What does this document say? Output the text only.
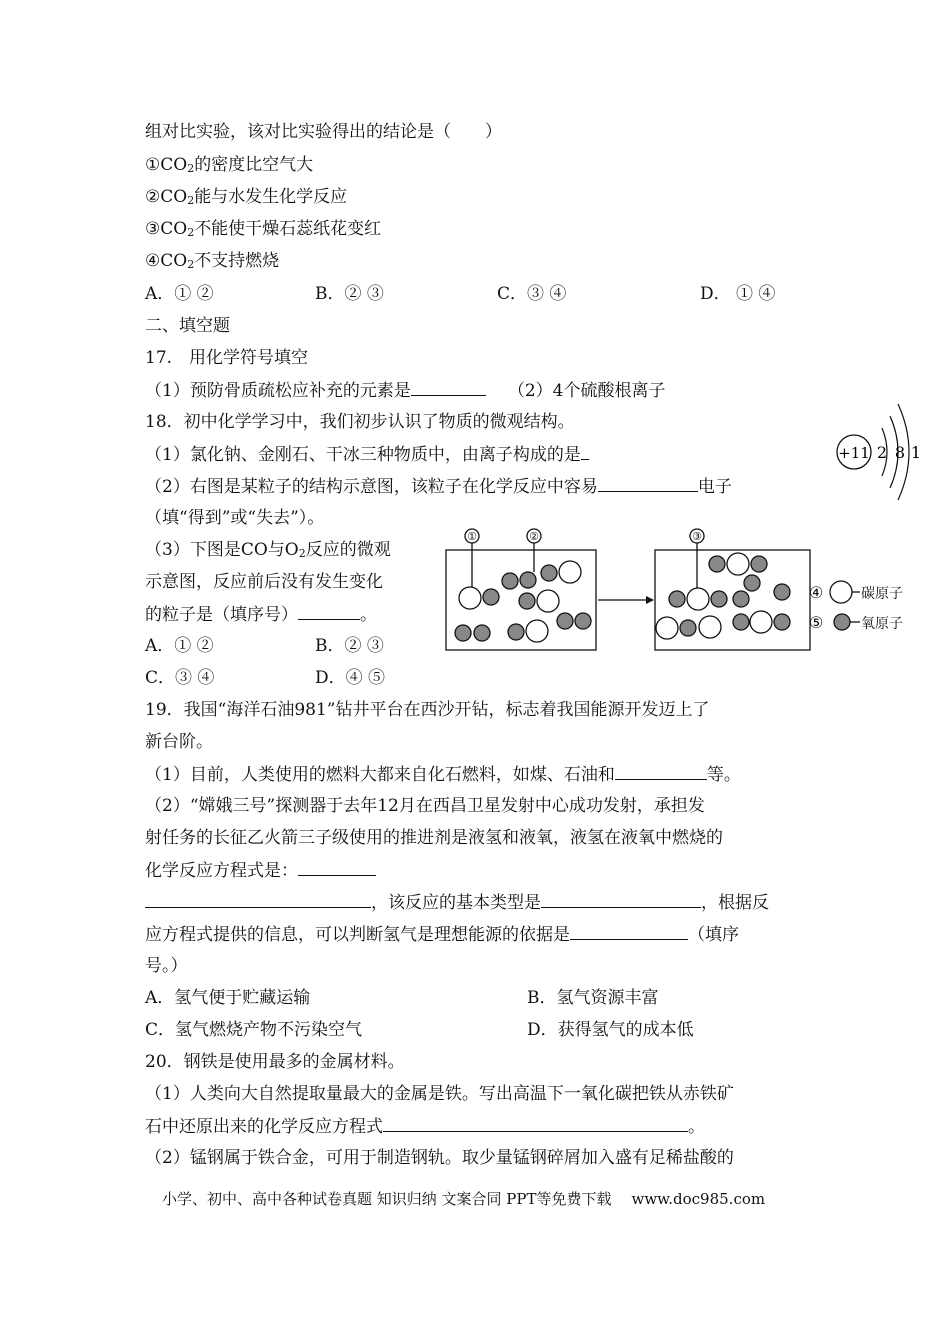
组对比实验，该对比实验得出的结论是（　　）
$①CO_2$的密度比空气大
$②CO_2$能与水发生化学反应
$③CO_2$不能使干燥石蕊纸花变红
$④CO_2$不支持燃烧
A．① ②	B．② ③	C．③ ④	D． ① ④
二、填空题
17.　用化学符号填空
（1）预防骨质疏松应补充的元素是	（2）4个硫酸根离子
18．初中化学学习中，我们初步认识了物质的微观结构。
（1）氯化钠、金刚石、干冰三种物质中，由离子构成的是
（2）右图是某粒子的结构示意图，该粒子在化学反应中容易	电子
（填“得到”或“失去”）。
（3）下图是CO与$O_2$反应的微观
示意图，反应前后没有发生变化
的粒子是（填序号）	。
A．① ②	B．② ③
C．③ ④	D．④ ⑤
+11 2 8 1
①	②	③
④	碳原子
⑤	氧原子
19．我国“海洋石油981”钻井平台在西沙开钻，标志着我国能源开发迈上了
新台阶。
（1）目前，人类使用的燃料大都来自化石燃料，如煤、石油和	等。
（2）“嫦娥三号”探测器于去年12月在西昌卫星发射中心成功发射，承担发
射任务的长征乙火箭三子级使用的推进剂是液氢和液氧，液氢在液氧中燃烧的
化学反应方程式是：
，该反应的基本类型是	，根据反
应方程式提供的信息，可以判断氢气是理想能源的依据是	（填序
号。）
A．氢气便于贮藏运输	B．氢气资源丰富
C．氢气燃烧产物不污染空气	D．获得氢气的成本低
20．钢铁是使用最多的金属材料。
（1）人类向大自然提取量最大的金属是铁。写出高温下一氧化碳把铁从赤铁矿
石中还原出来的化学反应方程式	。
（2）锰钢属于铁合金，可用于制造钢轨。取少量锰钢碎屑加入盛有足稀盐酸的
小学、初中、高中各种试卷真题 知识归纳 文案合同 PPT等免费下载 www.doc985.com
